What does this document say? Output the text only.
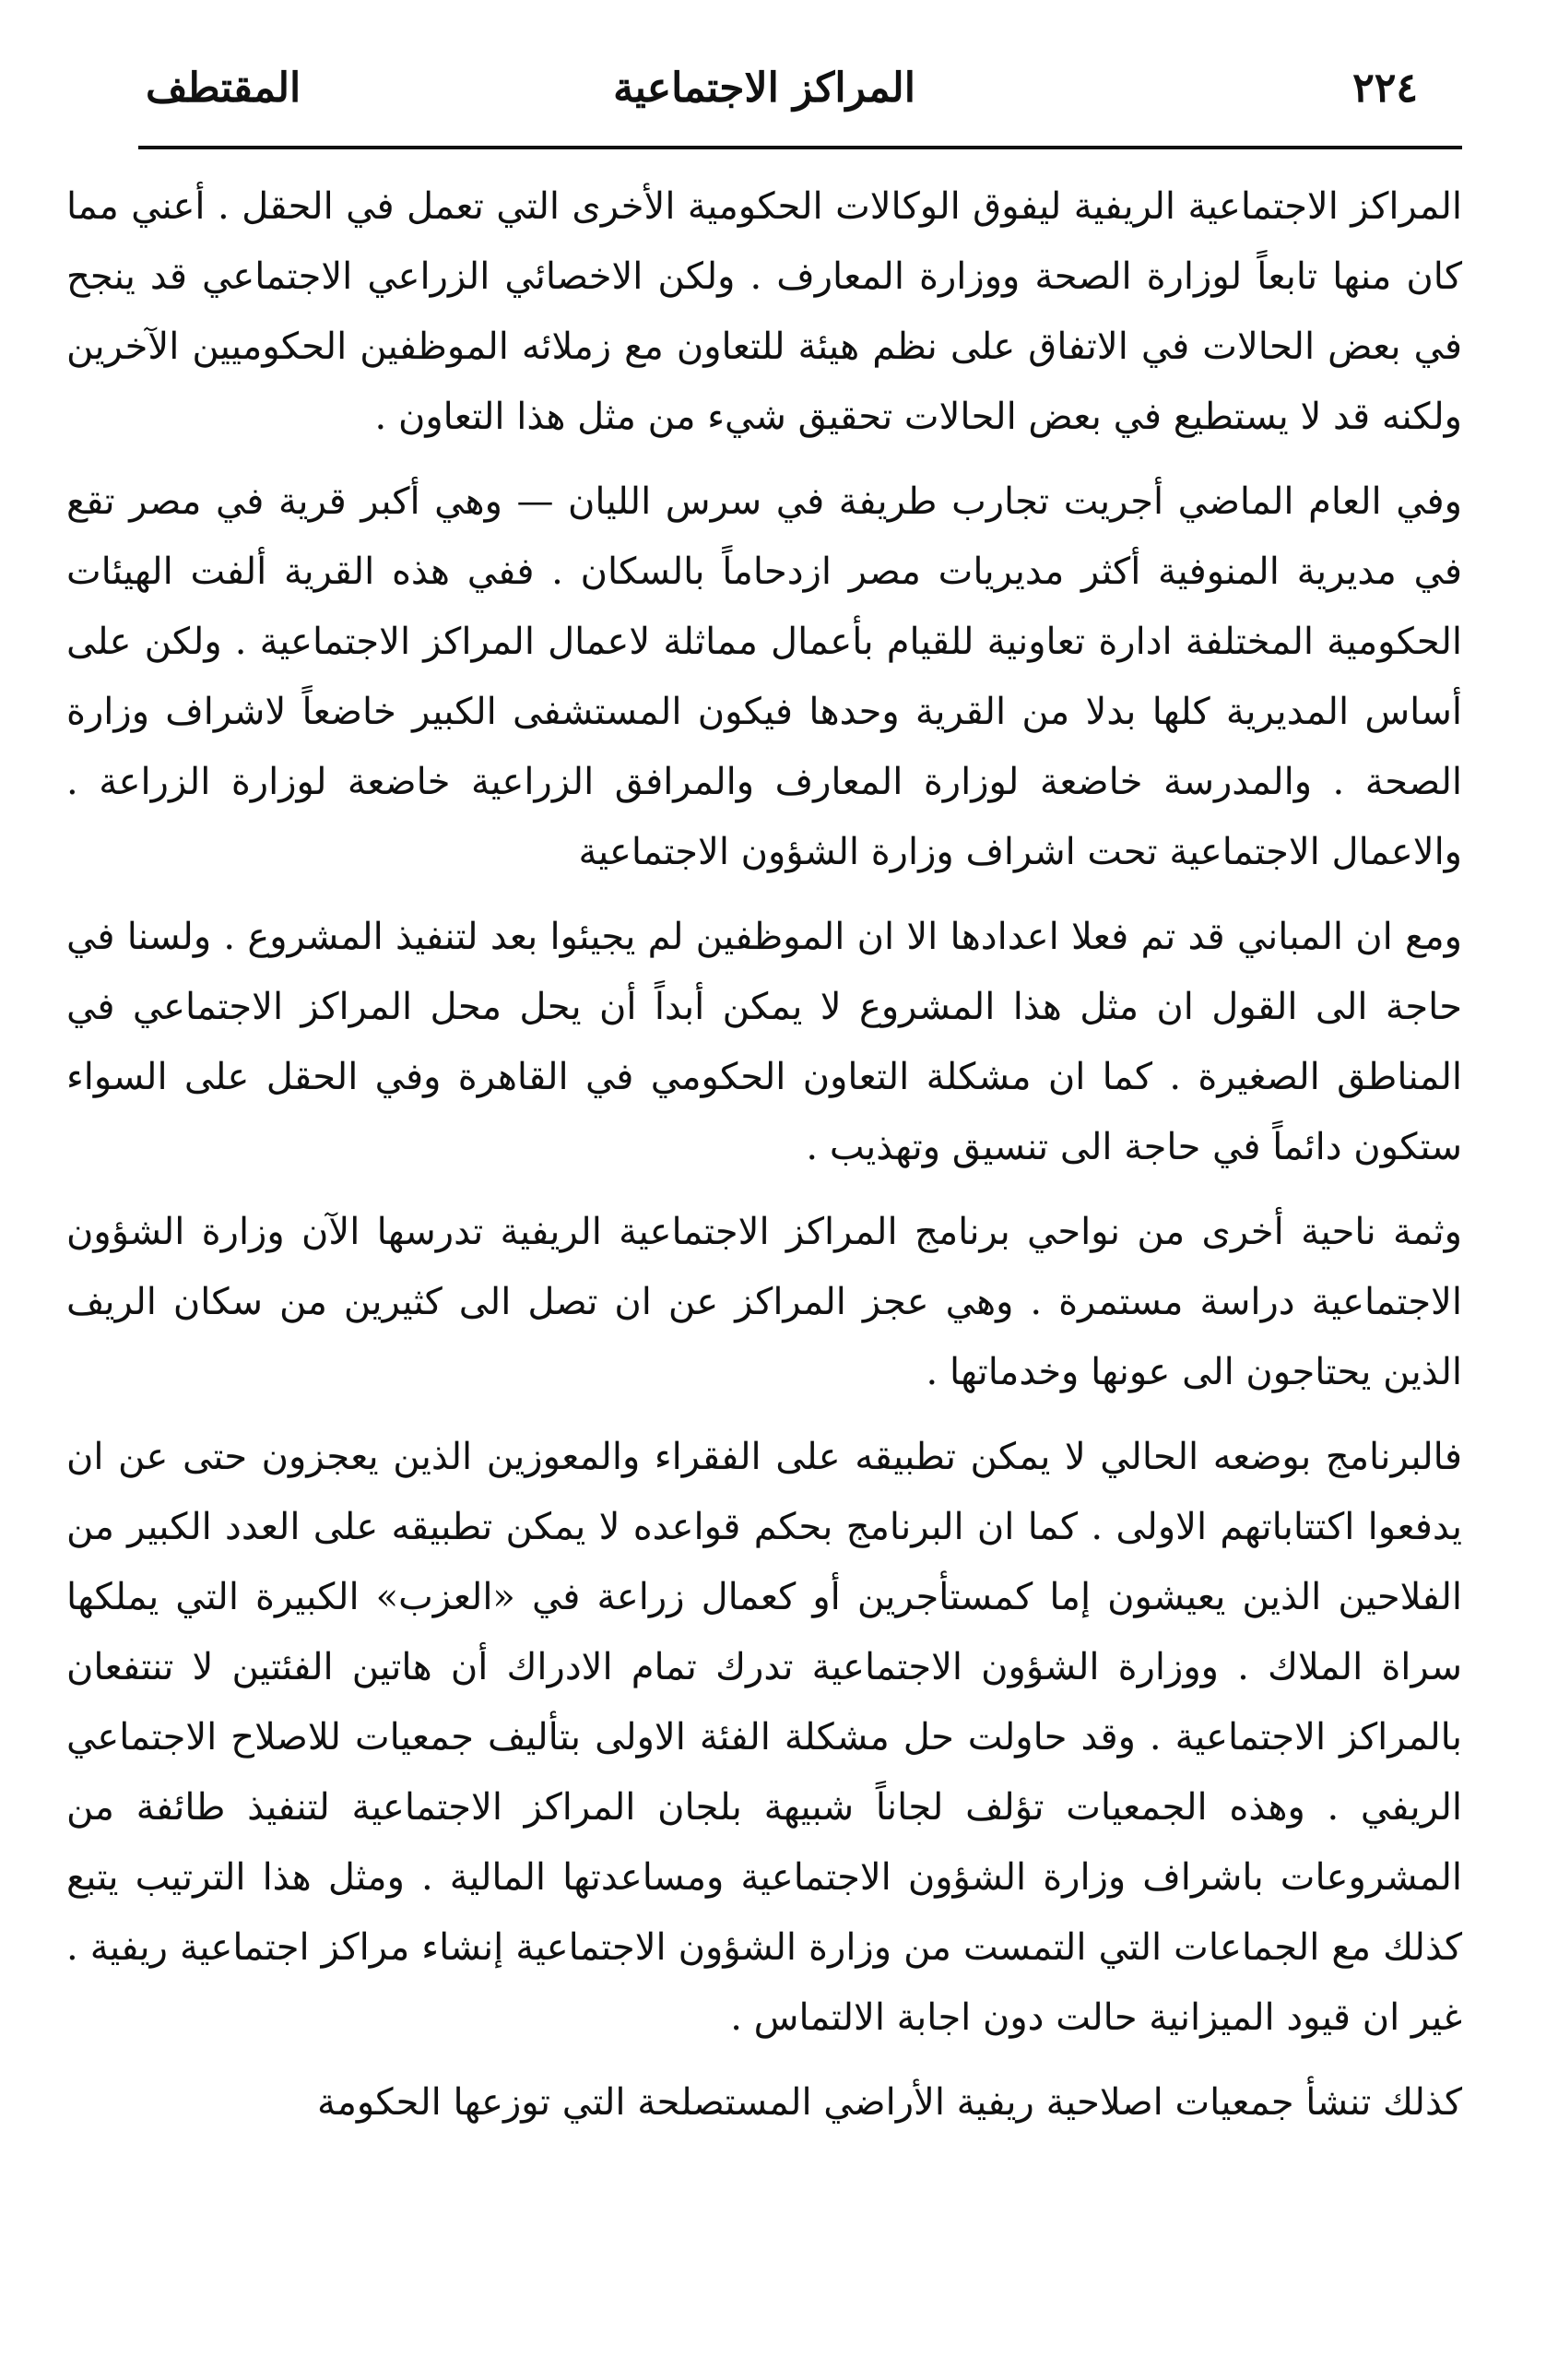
٢٢٤
المراكز الاجتماعية
المقتطف

المراكز الاجتماعية الريفية ليفوق الوكالات الحكومية الأخرى التي تعمل في الحقل . أعني مما كان منها تابعاً لوزارة الصحة ووزارة المعارف . ولكن الاخصائي الزراعي الاجتماعي قد ينجح في بعض الحالات في الاتفاق على نظم هيئة للتعاون مع زملائه الموظفين الحكوميين الآخرين ولكنه قد لا يستطيع في بعض الحالات تحقيق شيء من مثل هذا التعاون .

وفي العام الماضي أجريت تجارب طريفة في سرس الليان — وهي أكبر قرية في مصر تقع في مديرية المنوفية أكثر مديريات مصر ازدحاماً بالسكان . ففي هذه القرية ألفت الهيئات الحكومية المختلفة ادارة تعاونية للقيام بأعمال مماثلة لاعمال المراكز الاجتماعية . ولكن على أساس المديرية كلها بدلا من القرية وحدها فيكون المستشفى الكبير خاضعاً لاشراف وزارة الصحة . والمدرسة خاضعة لوزارة المعارف والمرافق الزراعية خاضعة لوزارة الزراعة . والاعمال الاجتماعية تحت اشراف وزارة الشؤون الاجتماعية

ومع ان المباني قد تم فعلا اعدادها الا ان الموظفين لم يجيئوا بعد لتنفيذ المشروع . ولسنا في حاجة الى القول ان مثل هذا المشروع لا يمكن أبداً أن يحل محل المراكز الاجتماعي في المناطق الصغيرة . كما ان مشكلة التعاون الحكومي في القاهرة وفي الحقل على السواء ستكون دائماً في حاجة الى تنسيق وتهذيب .

وثمة ناحية أخرى من نواحي برنامج المراكز الاجتماعية الريفية تدرسها الآن وزارة الشؤون الاجتماعية دراسة مستمرة . وهي عجز المراكز عن ان تصل الى كثيرين من سكان الريف الذين يحتاجون الى عونها وخدماتها .

فالبرنامج بوضعه الحالي لا يمكن تطبيقه على الفقراء والمعوزين الذين يعجزون حتى عن ان يدفعوا اكتتاباتهم الاولى . كما ان البرنامج بحكم قواعده لا يمكن تطبيقه على العدد الكبير من الفلاحين الذين يعيشون إما كمستأجرين أو كعمال زراعة في «العزب» الكبيرة التي يملكها سراة الملاك . ووزارة الشؤون الاجتماعية تدرك تمام الادراك أن هاتين الفئتين لا تنتفعان بالمراكز الاجتماعية . وقد حاولت حل مشكلة الفئة الاولى بتأليف جمعيات للاصلاح الاجتماعي الريفي . وهذه الجمعيات تؤلف لجاناً شبيهة بلجان المراكز الاجتماعية لتنفيذ طائفة من المشروعات باشراف وزارة الشؤون الاجتماعية ومساعدتها المالية . ومثل هذا الترتيب يتبع كذلك مع الجماعات التي التمست من وزارة الشؤون الاجتماعية إنشاء مراكز اجتماعية ريفية . غير ان قيود الميزانية حالت دون اجابة الالتماس .

كذلك تنشأ جمعيات اصلاحية ريفية الأراضي المستصلحة التي توزعها الحكومة
